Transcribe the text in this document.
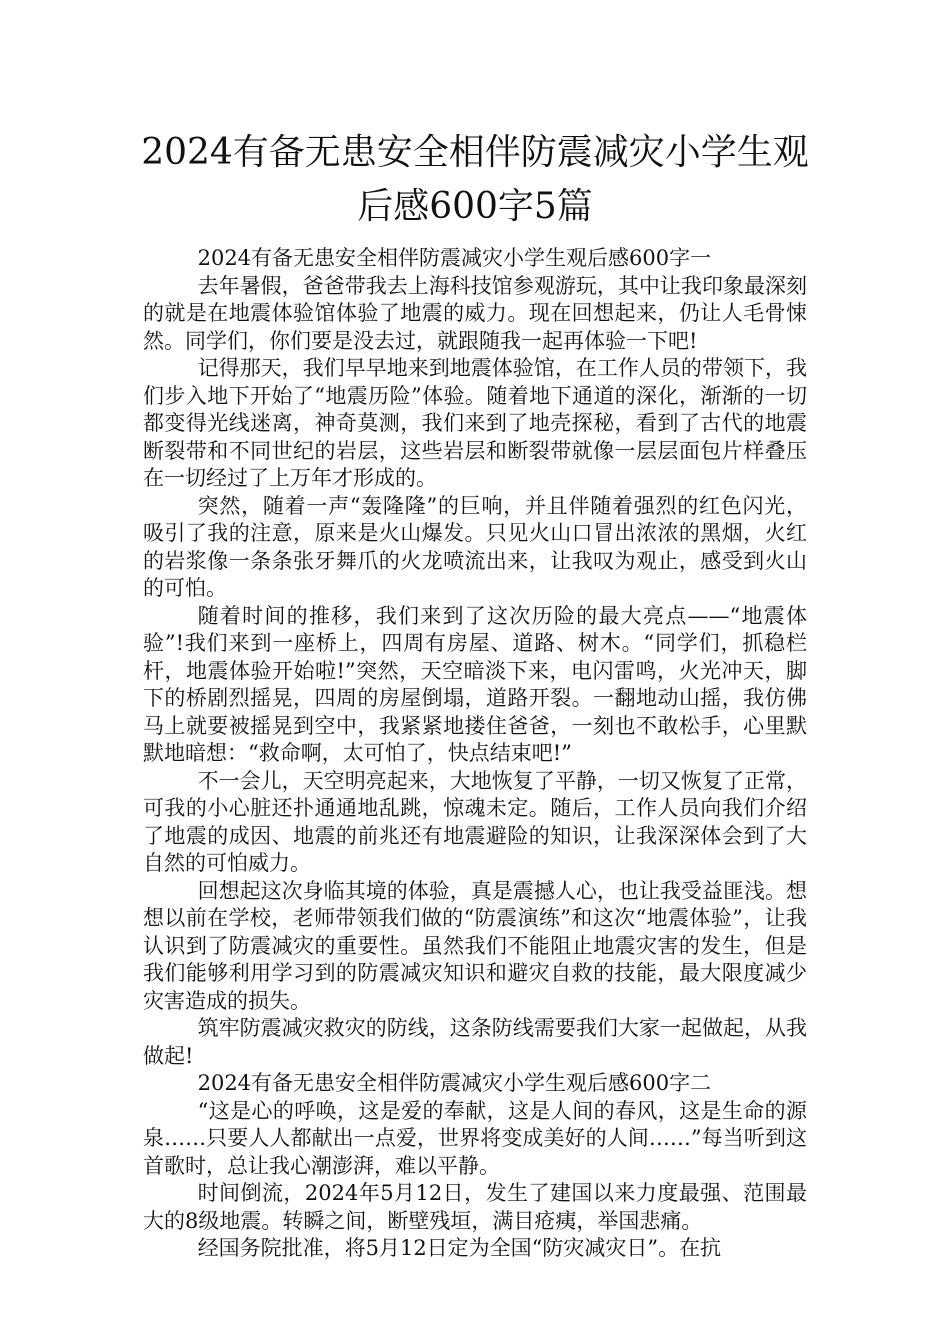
2024有备无患安全相伴防震减灾小学生观后感600字5篇

2024有备无患安全相伴防震减灾小学生观后感600字一

去年暑假，爸爸带我去上海科技馆参观游玩，其中让我印象最深刻的就是在地震体验馆体验了地震的威力。现在回想起来，仍让人毛骨悚然。同学们，你们要是没去过，就跟随我一起再体验一下吧!

记得那天，我们早早地来到地震体验馆，在工作人员的带领下，我们步入地下开始了“地震历险”体验。随着地下通道的深化，渐渐的一切都变得光线迷离，神奇莫测，我们来到了地壳探秘，看到了古代的地震断裂带和不同世纪的岩层，这些岩层和断裂带就像一层层面包片样叠压在一切经过了上万年才形成的。

突然，随着一声“轰隆隆”的巨响，并且伴随着强烈的红色闪光，吸引了我的注意，原来是火山爆发。只见火山口冒出浓浓的黑烟，火红的岩浆像一条条张牙舞爪的火龙喷流出来，让我叹为观止，感受到火山的可怕。

随着时间的推移，我们来到了这次历险的最大亮点——“地震体验”!我们来到一座桥上，四周有房屋、道路、树木。“同学们，抓稳栏杆，地震体验开始啦!”突然，天空暗淡下来，电闪雷鸣，火光冲天，脚下的桥剧烈摇晃，四周的房屋倒塌，道路开裂。一翻地动山摇，我仿佛马上就要被摇晃到空中，我紧紧地搂住爸爸，一刻也不敢松手，心里默默地暗想：“救命啊，太可怕了，快点结束吧!”

不一会儿，天空明亮起来，大地恢复了平静，一切又恢复了正常，可我的小心脏还扑通通地乱跳，惊魂未定。随后，工作人员向我们介绍了地震的成因、地震的前兆还有地震避险的知识，让我深深体会到了大自然的可怕威力。

回想起这次身临其境的体验，真是震撼人心，也让我受益匪浅。想想以前在学校，老师带领我们做的“防震演练”和这次“地震体验”，让我认识到了防震减灾的重要性。虽然我们不能阻止地震灾害的发生，但是我们能够利用学习到的防震减灾知识和避灾自救的技能，最大限度减少灾害造成的损失。

筑牢防震减灾救灾的防线，这条防线需要我们大家一起做起，从我做起!

2024有备无患安全相伴防震减灾小学生观后感600字二

“这是心的呼唤，这是爱的奉献，这是人间的春风，这是生命的源泉……只要人人都献出一点爱，世界将变成美好的人间……”每当听到这首歌时，总让我心潮澎湃，难以平静。

时间倒流，2024年5月12日，发生了建国以来力度最强、范围最大的8级地震。转瞬之间，断壁残垣，满目疮痍，举国悲痛。

经国务院批准，将5月12日定为全国“防灾减灾日”。在抗
